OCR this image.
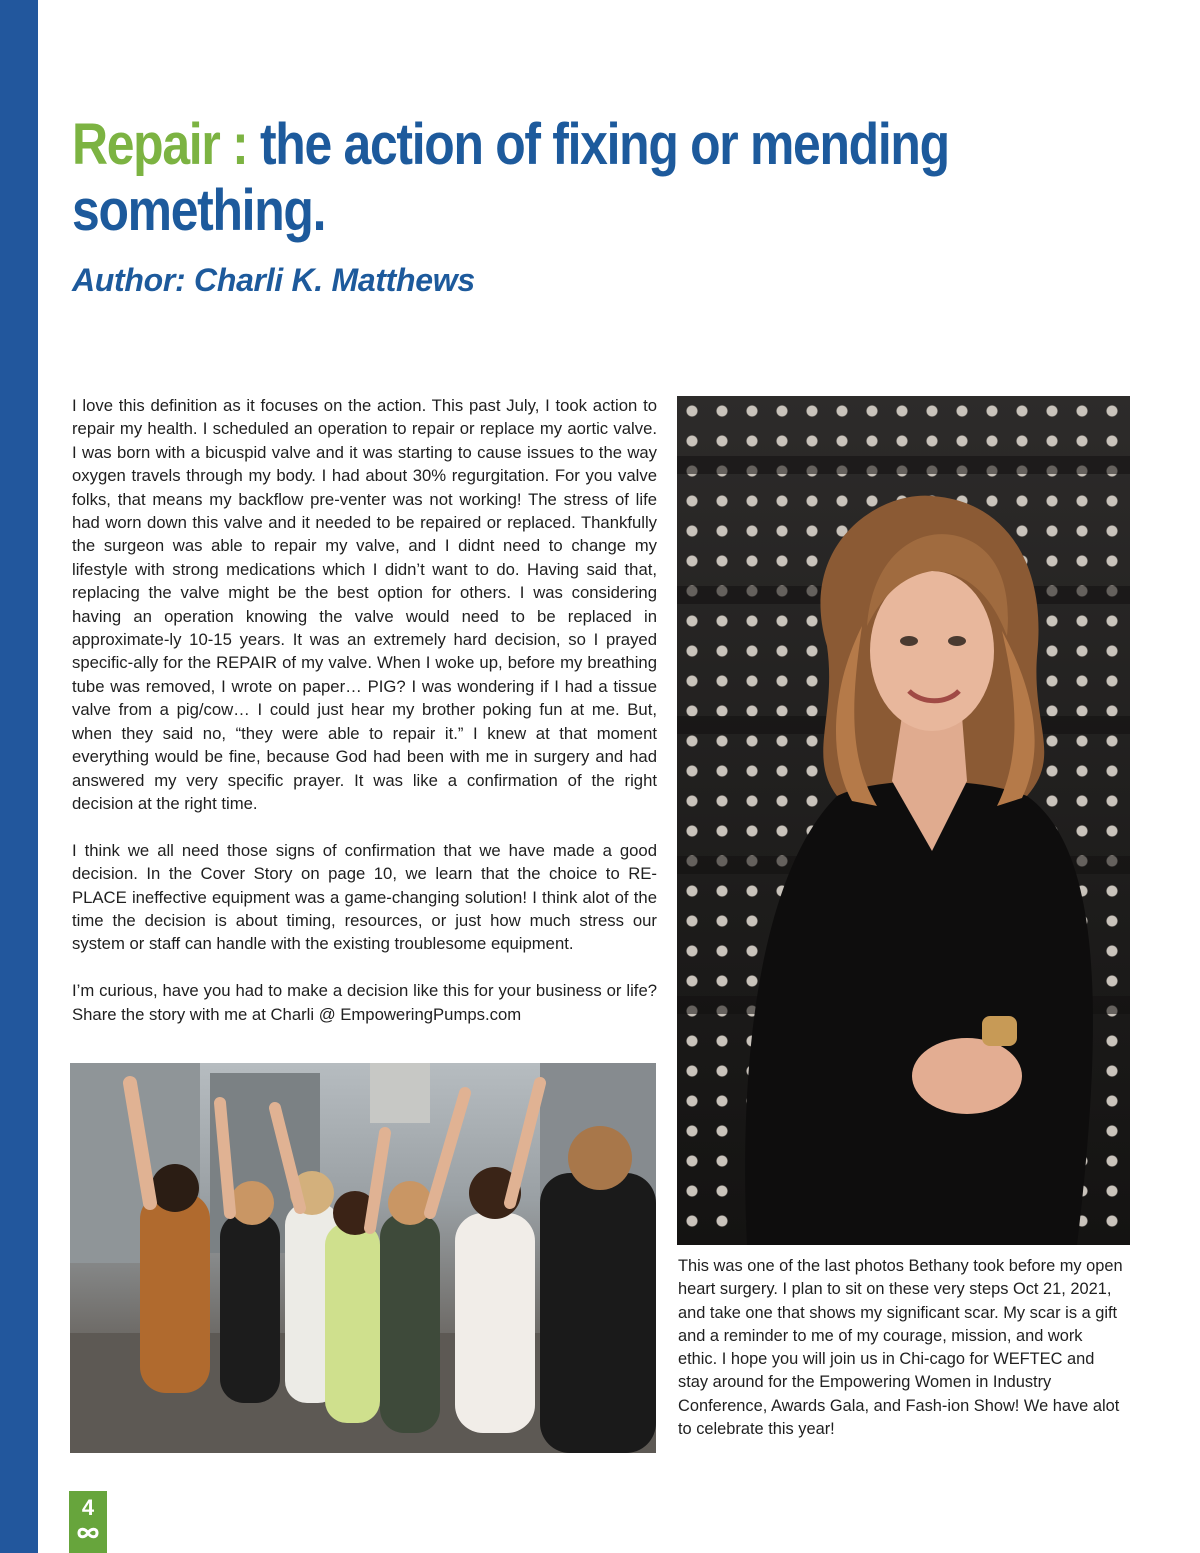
Repair : the action of fixing or mending something.
Author: Charli K. Matthews

I love this definition as it focuses on the action. This past July, I took action to repair my health. I scheduled an operation to repair or replace my aortic valve. I was born with a bicuspid valve and it was starting to cause issues to the way oxygen travels through my body. I had about 30% regurgitation. For you valve folks, that means my backflow pre-venter was not working! The stress of life had worn down this valve and it needed to be repaired or replaced. Thankfully the surgeon was able to repair my valve, and I didnt need to change my lifestyle with strong medications which I didn’t want to do. Having said that, replacing the valve might be the best option for others. I was considering having an operation knowing the valve would need to be replaced in approximate-ly 10-15 years. It was an extremely hard decision, so I prayed specific-ally for the REPAIR of my valve. When I woke up, before my breathing tube was removed, I wrote on paper… PIG? I was wondering if I had a tissue valve from a pig/cow… I could just hear my brother poking fun at me. But, when they said no, “they were able to repair it.” I knew at that moment everything would be fine, because God had been with me in surgery and had answered my very specific prayer. It was like a confirmation of the right decision at the right time.

I think we all need those signs of confirmation that we have made a good decision. In the Cover Story on page 10, we learn that the choice to RE-PLACE ineffective equipment was a game-changing solution! I think alot of the time the decision is about timing, resources, or just how much stress our system or staff can handle with the existing troublesome equipment.

I’m curious, have you had to make a decision like this for your business or life? Share the story with me at Charli @ EmpoweringPumps.com

This was one of the last photos Bethany took before my open heart surgery. I plan to sit on these very steps Oct 21, 2021, and take one that shows my significant scar. My scar is a gift and a reminder to me of my courage, mission, and work ethic. I hope you will join us in Chi-cago for WEFTEC and stay around for the Empowering Women in Industry Conference, Awards Gala, and Fash-ion Show! We have alot to celebrate this year!
4
